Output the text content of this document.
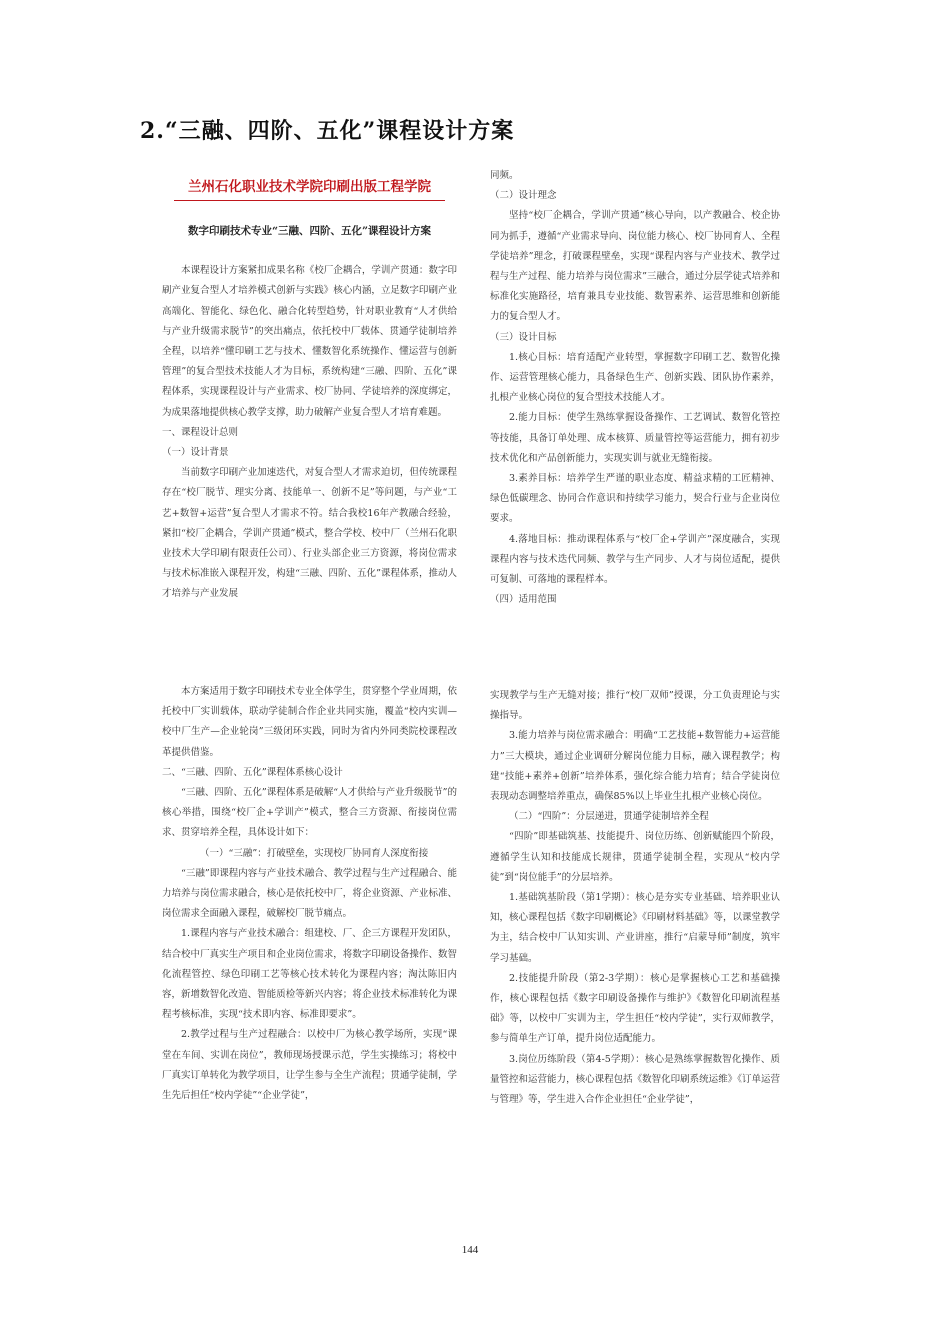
2.“三融、四阶、五化”课程设计方案
兰州石化职业技术学院印刷出版工程学院
数字印刷技术专业“三融、四阶、五化”课程设计方案

本课程设计方案紧扣成果名称《校厂企耦合，学训产贯通：数字印刷产业复合型人才培养模式创新与实践》核心内涵，立足数字印刷产业高端化、智能化、绿色化、融合化转型趋势，针对职业教育“人才供给与产业升级需求脱节”的突出痛点，依托校中厂载体、贯通学徒制培养全程，以培养“懂印刷工艺与技术、懂数智化系统操作、懂运营与创新管理”的复合型技术技能人才为目标，系统构建“三融、四阶、五化”课程体系，实现课程设计与产业需求、校厂协同、学徒培养的深度绑定，为成果落地提供核心教学支撑，助力破解产业复合型人才培育难题。

一、课程设计总则

（一）设计背景

当前数字印刷产业加速迭代，对复合型人才需求迫切，但传统课程存在“校厂脱节、理实分离、技能单一、创新不足”等问题，与产业“工艺+数智+运营”复合型人才需求不符。结合我校16年产教融合经验，紧扣“校厂企耦合，学训产贯通”模式，整合学校、校中厂（兰州石化职业技术大学印刷有限责任公司）、行业头部企业三方资源，将岗位需求与技术标准嵌入课程开发，构建“三融、四阶、五化”课程体系，推动人才培养与产业发展

同频。

（二）设计理念

坚持“校厂企耦合，学训产贯通”核心导向，以产教融合、校企协同为抓手，遵循“产业需求导向、岗位能力核心、校厂协同育人、全程学徒培养”理念，打破课程壁垒，实现“课程内容与产业技术、教学过程与生产过程、能力培养与岗位需求”三融合，通过分层学徒式培养和标准化实施路径，培育兼具专业技能、数智素养、运营思维和创新能力的复合型人才。

（三）设计目标

1.核心目标：培育适配产业转型，掌握数字印刷工艺、数智化操作、运营管理核心能力，具备绿色生产、创新实践、团队协作素养，扎根产业核心岗位的复合型技术技能人才。

2.能力目标：使学生熟练掌握设备操作、工艺调试、数智化管控等技能，具备订单处理、成本核算、质量管控等运营能力，拥有初步技术优化和产品创新能力，实现实训与就业无缝衔接。

3.素养目标：培养学生严谨的职业态度、精益求精的工匠精神、绿色低碳理念、协同合作意识和持续学习能力，契合行业与企业岗位要求。

4.落地目标：推动课程体系与“校厂企+学训产”深度融合，实现课程内容与技术迭代同频、教学与生产同步、人才与岗位适配，提供可复制、可落地的课程样本。

（四）适用范围

本方案适用于数字印刷技术专业全体学生，贯穿整个学业周期，依托校中厂实训载体，联动学徒制合作企业共同实施，覆盖“校内实训—校中厂生产—企业轮岗”三级闭环实践，同时为省内外同类院校课程改革提供借鉴。

二、“三融、四阶、五化”课程体系核心设计

“三融、四阶、五化”课程体系是破解“人才供给与产业升级脱节”的核心举措，围绕“校厂企+学训产”模式，整合三方资源、衔接岗位需求、贯穿培养全程，具体设计如下：

（一）“三融”：打破壁垒，实现校厂协同育人深度衔接

“三融”即课程内容与产业技术融合、教学过程与生产过程融合、能力培养与岗位需求融合，核心是依托校中厂，将企业资源、产业标准、岗位需求全面融入课程，破解校厂脱节痛点。

1.课程内容与产业技术融合：组建校、厂、企三方课程开发团队，结合校中厂真实生产项目和企业岗位需求，将数字印刷设备操作、数智化流程管控、绿色印刷工艺等核心技术转化为课程内容；淘汰陈旧内容，新增数智化改造、智能质检等新兴内容；将企业技术标准转化为课程考核标准，实现“技术即内容、标准即要求”。

2.教学过程与生产过程融合：以校中厂为核心教学场所，实现“课堂在车间、实训在岗位”，教师现场授课示范，学生实操练习；将校中厂真实订单转化为教学项目，让学生参与全生产流程；贯通学徒制，学生先后担任“校内学徒”“企业学徒”，

实现教学与生产无缝对接；推行“校厂双师”授课，分工负责理论与实操指导。

3.能力培养与岗位需求融合：明确“工艺技能+数智能力+运营能力”三大模块，通过企业调研分解岗位能力目标，融入课程教学；构建“技能+素养+创新”培养体系，强化综合能力培育；结合学徒岗位表现动态调整培养重点，确保85%以上毕业生扎根产业核心岗位。

（二）“四阶”：分层递进，贯通学徒制培养全程

“四阶”即基础筑基、技能提升、岗位历练、创新赋能四个阶段，遵循学生认知和技能成长规律，贯通学徒制全程，实现从“校内学徒”到“岗位能手”的分层培养。

1.基础筑基阶段（第1学期）：核心是夯实专业基础、培养职业认知，核心课程包括《数字印刷概论》《印刷材料基础》等，以课堂教学为主，结合校中厂认知实训、产业讲座，推行“启蒙导师”制度，筑牢学习基础。

2.技能提升阶段（第2-3学期）：核心是掌握核心工艺和基础操作，核心课程包括《数字印刷设备操作与维护》《数智化印刷流程基础》等，以校中厂实训为主，学生担任“校内学徒”，实行双师教学，参与简单生产订单，提升岗位适配能力。

3.岗位历练阶段（第4-5学期）：核心是熟练掌握数智化操作、质量管控和运营能力，核心课程包括《数智化印刷系统运维》《订单运营与管理》等，学生进入合作企业担任“企业学徒”，

144
